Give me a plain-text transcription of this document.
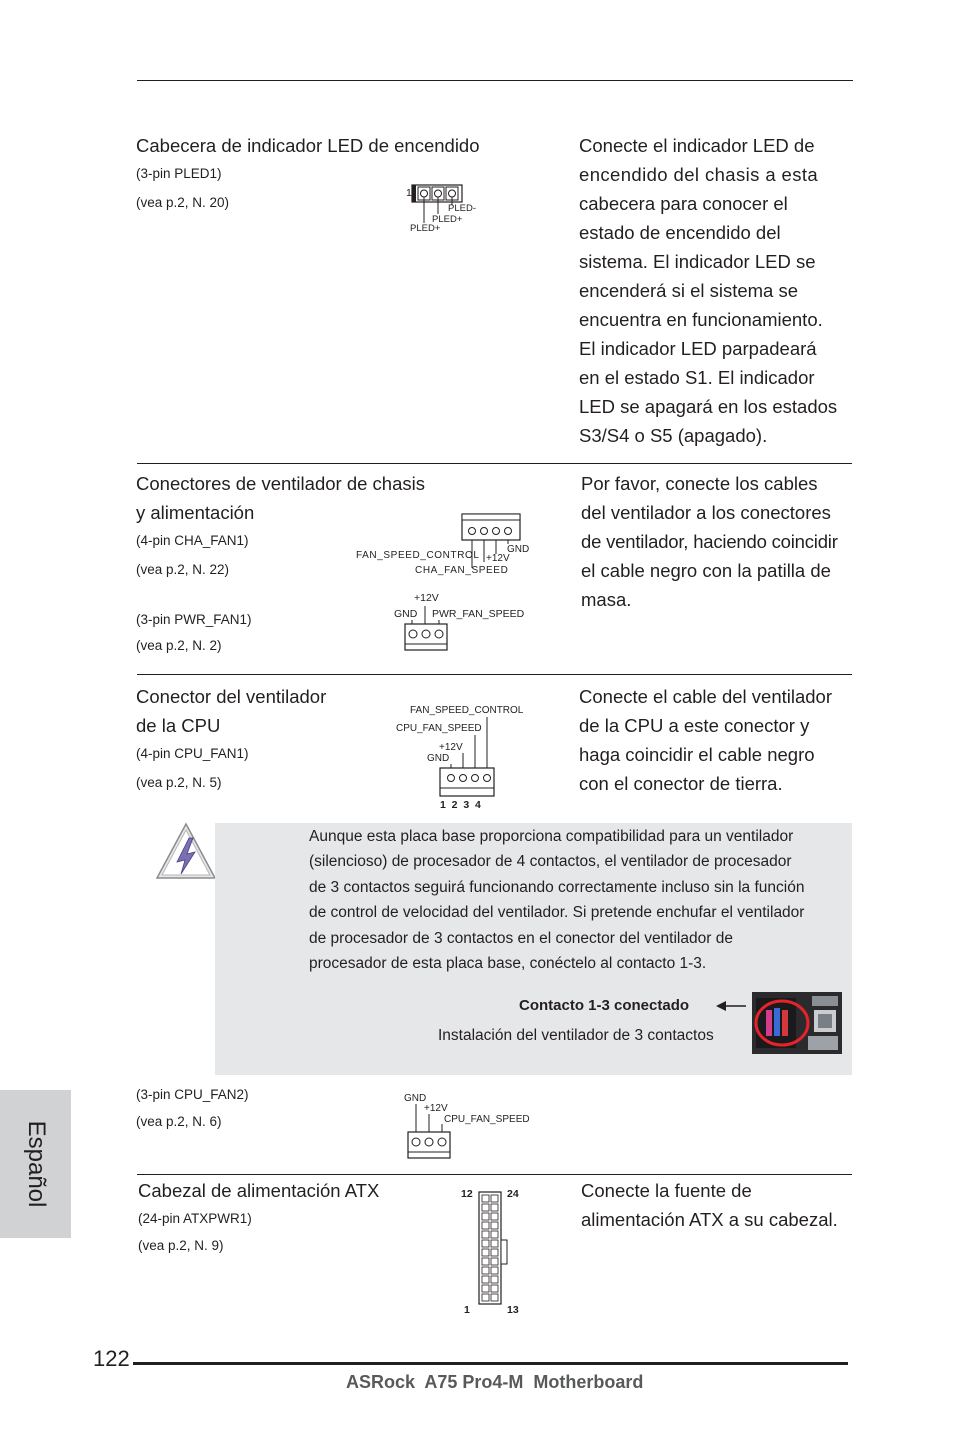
Cabecera de indicador LED de encendido
(3-pin PLED1)
(vea p.2, N. 20)
1
PLED-
PLED+
PLED+
Conecte el indicador LED de
encendido del chasis a esta
cabecera para conocer el
estado de encendido del
sistema. El indicador LED se
encenderá si el sistema se
encuentra en funcionamiento.
El indicador LED parpadeará
en el estado S1. El indicador
LED se apagará en los estados
S3/S4 o S5 (apagado).
Conectores de ventilador de chasis
y alimentación
(4-pin CHA_FAN1)
(vea p.2, N. 22)
(3-pin PWR_FAN1)
(vea p.2, N. 2)
GND
+12V
FAN_SPEED_CONTROL
CHA_FAN_SPEED
+12V
GND PWR_FAN_SPEED
Por favor, conecte los cables
del ventilador a los conectores
de ventilador, haciendo coincidir
el cable negro con la patilla de
masa.
Conector del ventilador
de la CPU
(4-pin CPU_FAN1)
(vea p.2, N. 5)
FAN_SPEED_CONTROL
CPU_FAN_SPEED
+12V
GND
1  2  3  4
Conecte el cable del ventilador
de la CPU a este conector y
haga coincidir el cable negro
con el conector de tierra.
Aunque esta placa base proporciona compatibilidad para un ventilador
(silencioso) de procesador de 4 contactos, el ventilador de procesador
de 3 contactos seguirá funcionando correctamente incluso sin la función
de control de velocidad del ventilador. Si pretende enchufar el ventilador
de procesador de 3 contactos en el conector del ventilador de
procesador de esta placa base, conéctelo al contacto 1-3.
Contacto 1-3 conectado
Instalación del ventilador de 3 contactos
(3-pin CPU_FAN2)
(vea p.2, N. 6)
GND
+12V
CPU_FAN_SPEED
Cabezal de alimentación ATX
(24-pin ATXPWR1)
(vea p.2, N. 9)
12	24
1	13
Conecte la fuente de
alimentación ATX a su cabezal.
Español
122
ASRock  A75 Pro4-M  Motherboard
